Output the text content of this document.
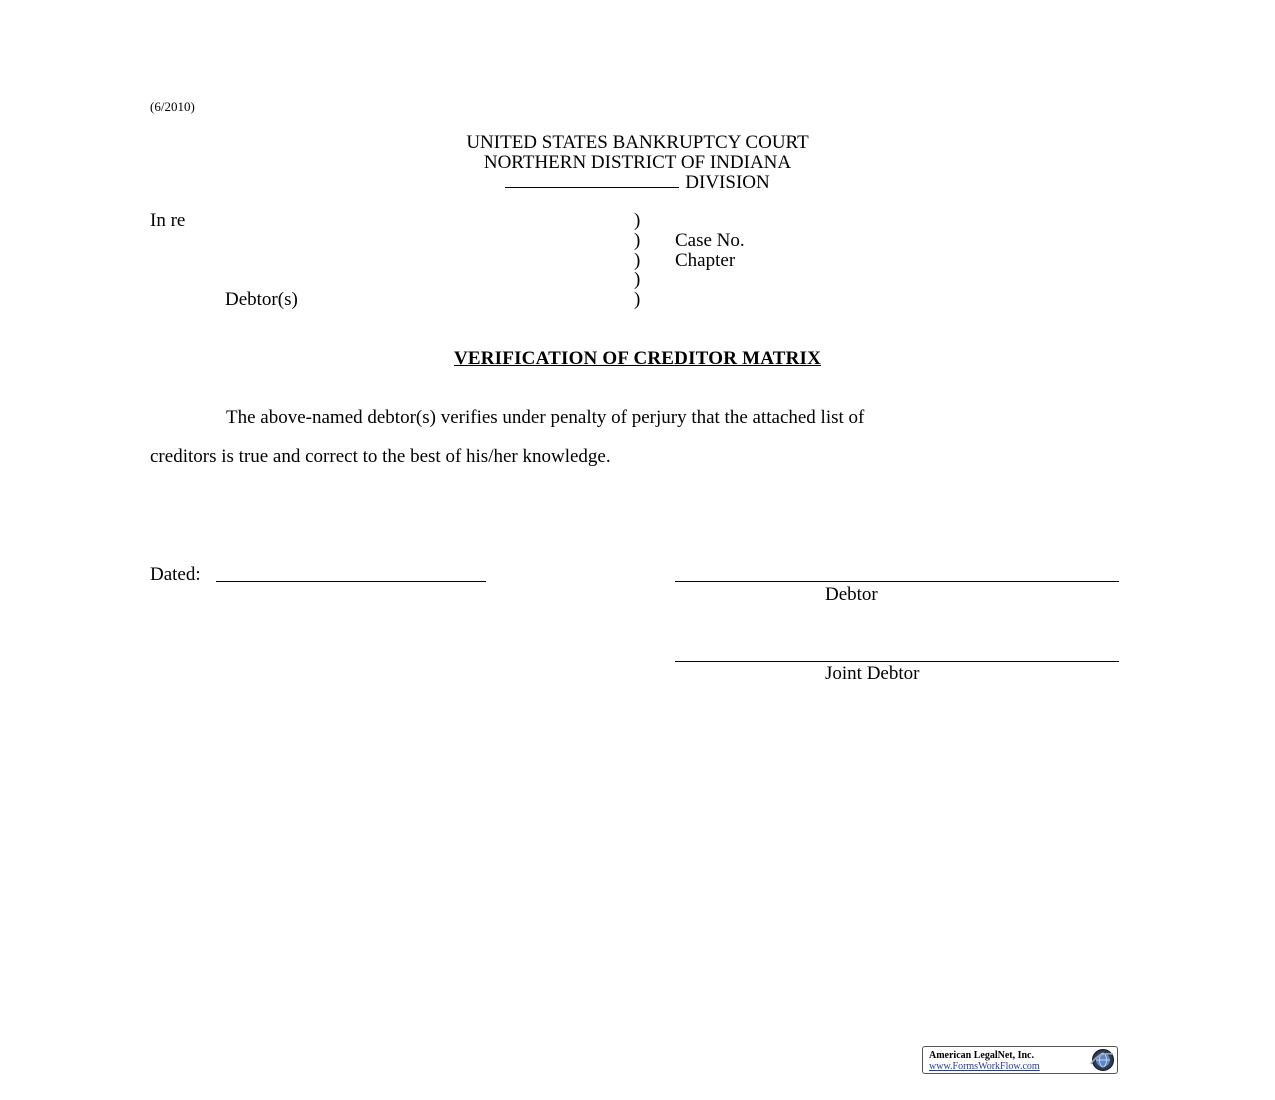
(6/2010)
UNITED STATES BANKRUPTCY COURT
NORTHERN DISTRICT OF INDIANA
DIVISION
In re
Debtor(s)
)
)
)
)
)
Case No.
Chapter
VERIFICATION OF CREDITOR MATRIX
The above-named debtor(s) verifies under penalty of perjury that the attached list of
creditors is true and correct to the best of his/her knowledge.
Dated:
Debtor
Joint Debtor
American LegalNet, Inc.
www.FormsWorkFlow.com
